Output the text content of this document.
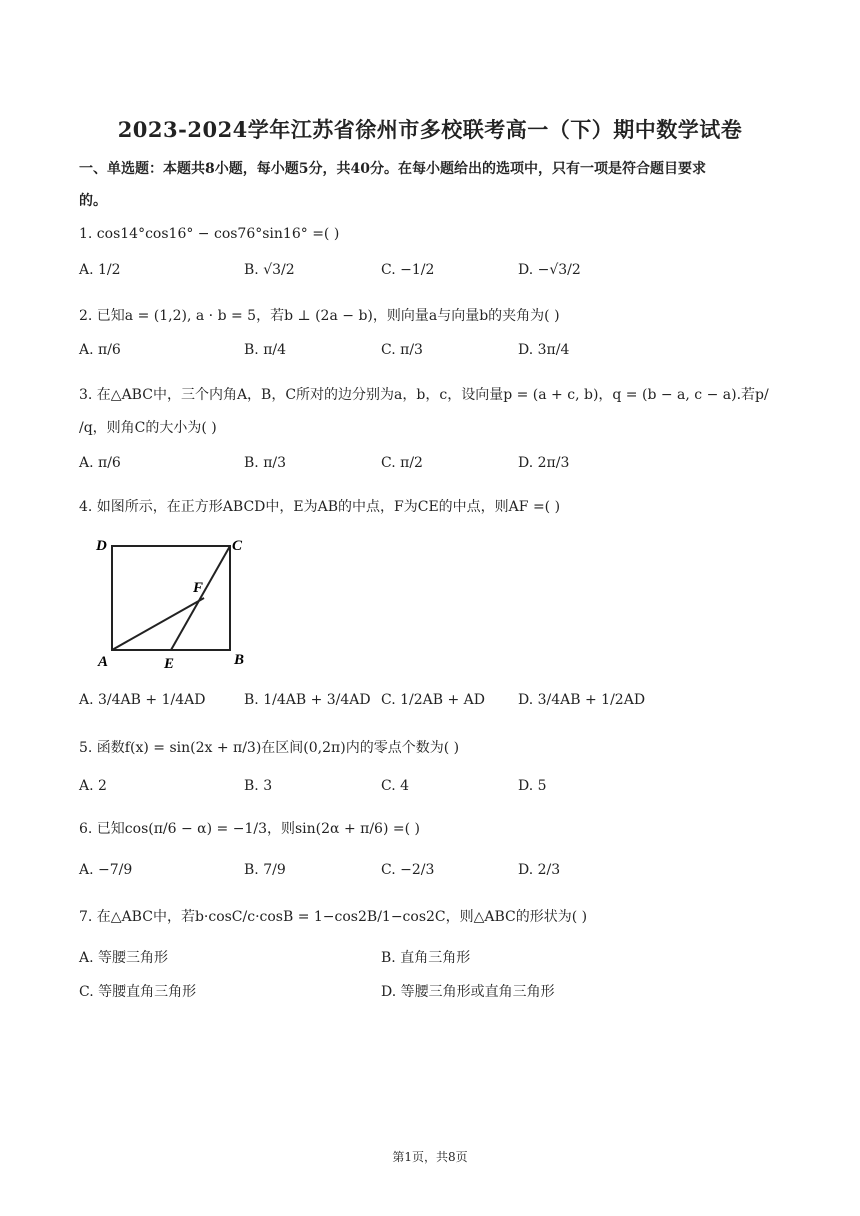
2023-2024学年江苏省徐州市多校联考高一（下）期中数学试卷
一、单选题：本题共8小题，每小题5分，共40分。在每小题给出的选项中，只有一项是符合题目要求
的。
1. cos14°cos16° − cos76°sin16° =( )
A. 1/2	B. √3/2	C. −1/2	D. −√3/2
2. 已知a = (1,2), a · b = 5，若b ⊥ (2a − b)，则向量a与向量b的夹角为( )
A. π/6	B. π/4	C. π/3	D. 3π/4
3. 在△ABC中，三个内角A，B，C所对的边分别为a，b，c，设向量p = (a + c, b)，q = (b − a, c − a).若p/
/q，则角C的大小为( )
A. π/6	B. π/3	C. π/2	D. 2π/3
4. 如图所示，在正方形ABCD中，E为AB的中点，F为CE的中点，则AF =( )
D	C
F
A	E	B
A. 3/4AB + 1/4AD	B. 1/4AB + 3/4AD C. 1/2AB + AD D. 3/4AB + 1/2AD
5. 函数f(x) = sin(2x + π/3)在区间(0,2π)内的零点个数为( )
A. 2	B. 3	C. 4	D. 5
6. 已知cos(π/6 − α) = −1/3，则sin(2α + π/6) =( )
A. −7/9	B. 7/9	C. −2/3	D. 2/3
7. 在△ABC中，若b·cosC/c·cosB = 1−cos2B/1−cos2C，则△ABC的形状为( )
A. 等腰三角形	B. 直角三角形
C. 等腰直角三角形	D. 等腰三角形或直角三角形
第1页，共8页
